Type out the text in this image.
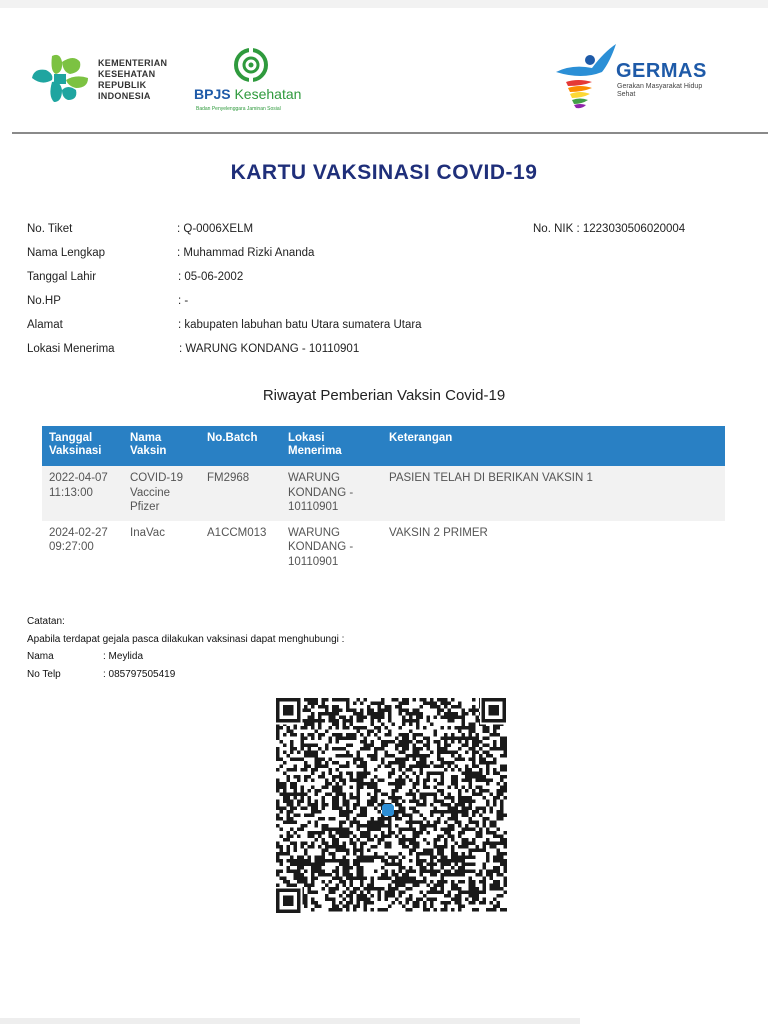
KEMENTERIAN
KESEHATAN
REPUBLIK
INDONESIA	BPJS Kesehatan
Badan Penyelenggara Jaminan Sosial
GERMAS
Gerakan Masyarakat Hidup Sehat
KARTU VAKSINASI COVID-19
No. Tiket	: Q-0006XELM
Nama Lengkap	: Muhammad Rizki Ananda
Tanggal Lahir	: 05-06-2002
No.HP	: -
Alamat	: kabupaten labuhan batu Utara sumatera Utara
Lokasi Menerima	: WARUNG KONDANG - 10110901
No. NIK : 1223030506020004
Riwayat Pemberian Vaksin Covid-19
Tanggal Vaksinasi	Nama Vaksin	No.Batch	Lokasi Menerima	Keterangan
2022-04-07 11:13:00	COVID-19 Vaccine Pfizer	FM2968	WARUNG KONDANG - 10110901	PASIEN TELAH DI BERIKAN VAKSIN 1
2024-02-27 09:27:00	InaVac	A1CCM013	WARUNG KONDANG - 10110901	VAKSIN 2 PRIMER
Catatan:
Apabila terdapat gejala pasca dilakukan vaksinasi dapat menghubungi :
Nama	: Meylida
No Telp	: 085797505419
